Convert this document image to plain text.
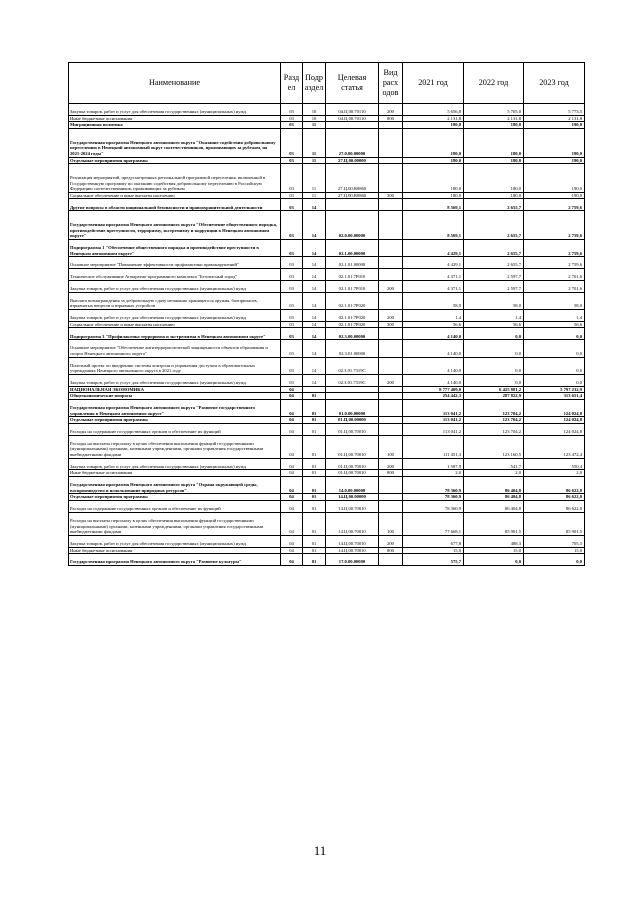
Наименование	Разд ел	Подр аздел	Целевая статья	Вид расх одов	2021 год	2022 год	2023 год
Закупка товаров, работ и услуг для обеспечения государственных (муниципальных) нужд	03	10	04.Ц.00.70110	200	5 656,8	5 705,0	5 773,5
Иные бюджетные ассигнования	03	10	04.Ц.00.70110	800	2 131,8	2 131,8	2 131,8
Миграционная политика	03	11			180,0	180,0	190,0
Государственная программа Ненецкого автономного округа "Оказание содействия добровольному переселению в Ненецкий автономный округ соотечественников, проживающих за рубежом, на 2021-2024 годы"	03	11	27.0.00.00000		180,0	180,0	190,0
Отдельные мероприятия программы	03	11	27.Ц.00.00000		180,0	180,0	190,0
Реализация мероприятий, предусмотренных региональной программой переселения, включенной в Государственную программу по оказанию содействия добровольному переселению в Российскую Федерацию соотечественников, проживающих за рубежом	03	11	27.Ц.00.R0860		180,0	180,0	190,0
Социальное обеспечение и иные выплаты населению	03	11	27.Ц.00.R0860	300	180,0	180,0	190,0
Другие вопросы в области национальной безопасности и правоохранительной деятельности	03	14			8 569,1	2 655,7	2 759,6
Государственная программа Ненецкого автономного округа "Обеспечение общественного порядка, противодействие преступности, терроризму, экстремизму и коррупции в Ненецком автономном округе"	03	14	02.0.00.00000		8 569,1	2 655,7	2 759,6
Подпрограмма 1 "Обеспечение общественного порядка и противодействие преступности в Ненецком автономном округе"	03	14	02.1.00.00000		4 429,1	2 655,7	2 759,6
Основное мероприятие "Повышение эффективности профилактики правонарушений"	03	14	02.1.01.00000		4 429,1	2 655,7	2 759,6
Техническое обслуживание Аппаратно-программного комплекса "Безопасный город"	03	14	02.1.01.7Р010		4 371,1	2 597,7	2 701,6
Закупка товаров, работ и услуг для обеспечения государственных (муниципальных) нужд	03	14	02.1.01.7Р010	200	4 371,1	2 597,7	2 701,6
Выплата вознаграждения за добровольную сдачу незаконно хранящегося оружия, боеприпасов, взрывчатых веществ и взрывных устройств	03	14	02.1.01.7Р020		58,0	58,0	58,0
Закупка товаров, работ и услуг для обеспечения государственных (муниципальных) нужд	03	14	02.1.01.7Р020	200	1,4	1,4	1,4
Социальное обеспечение и иные выплаты населению	03	14	02.1.01.7Р020	300	56,6	56,6	56,6
Подпрограмма 3 "Профилактика терроризма и экстремизма в Ненецком автономном округе"	03	14	02.3.00.00000		4 140,0	0,0	0,0
Основное мероприятие "Обеспечение антитеррористической защищенности объектов образования и спорта Ненецкого автономного округа"	03	14	02.3.01.00000		4 140,0	0,0	0,0
Пилотный проект по внедрению системы контроля и управления доступом в образовательных учреждениях Ненецкого автономного округа в 2021 году	03	14	02.3.01.7319С		4 140,0	0,0	0,0
Закупка товаров, работ и услуг для обеспечения государственных (муниципальных) нужд	03	14	02.3.01.7319С	200	4 140,0	0,0	0,0
НАЦИОНАЛЬНАЯ ЭКОНОМИКА	04				8 777 409,0	6 425 881,2	5 797 232,9
Общеэкономические вопросы	04	01			254 442,3	287 822,9	313 651,4
Государственная программа Ненецкого автономного округа "Развитие государственного управления в Ненецком автономном округе"	04	01	01.0.00.00000		113 041,2	123 704,2	124 024,8
Отдельные мероприятия программы	04	01	01.Ц.00.00000		113 041,2	123 704,2	124 024,8
Расходы на содержание государственных органов и обеспечение их функций	04	01	01.Ц.00.70010		113 041,2	123 704,2	124 024,8
Расходы на выплаты персоналу в целях обеспечения выполнения функций государственными (муниципальными) органами, казенными учреждениями, органами управления государственными внебюджетными фондами	04	01	01.Ц.00.70010	100	111 451,3	123 160,5	123 472,4
Закупка товаров, работ и услуг для обеспечения государственных (муниципальных) нужд	04	01	01.Ц.00.70010	200	1 587,9	541,7	550,4
Иные бюджетные ассигнования	04	01	01.Ц.00.70010	800	2,0	2,0	2,0
Государственная программа Ненецкого автономного округа "Охрана окружающей среды, воспроизводство и использование природных ресурсов"	04	01	14.0.00.00000		78 360,9	86 404,8	86 622,0
Отдельные мероприятия программы	04	01	14.Ц.00.00000		78 360,9	86 404,8	86 622,0
Расходы на содержание государственных органов и обеспечение их функций	04	01	14.Ц.00.70010		78 360,9	86 404,8	86 622,0
Расходы на выплаты персоналу в целях обеспечения выполнения функций государственными (муниципальными) органами, казенными учреждениями, органами управления государственными внебюджетными фондами	04	01	14.Ц.00.70010	100	77 668,1	85 901,5	85 901,5
Закупка товаров, работ и услуг для обеспечения государственных (муниципальных) нужд	04	01	14.Ц.00.70010	200	677,8	488,3	705,5
Иные бюджетные ассигнования	04	01	14.Ц.00.70010	800	15,0	15,0	15,0
Государственная программа Ненецкого автономного округа "Развитие культуры"	04	01	17.0.00.00000		575,7	0,0	0,0
11
